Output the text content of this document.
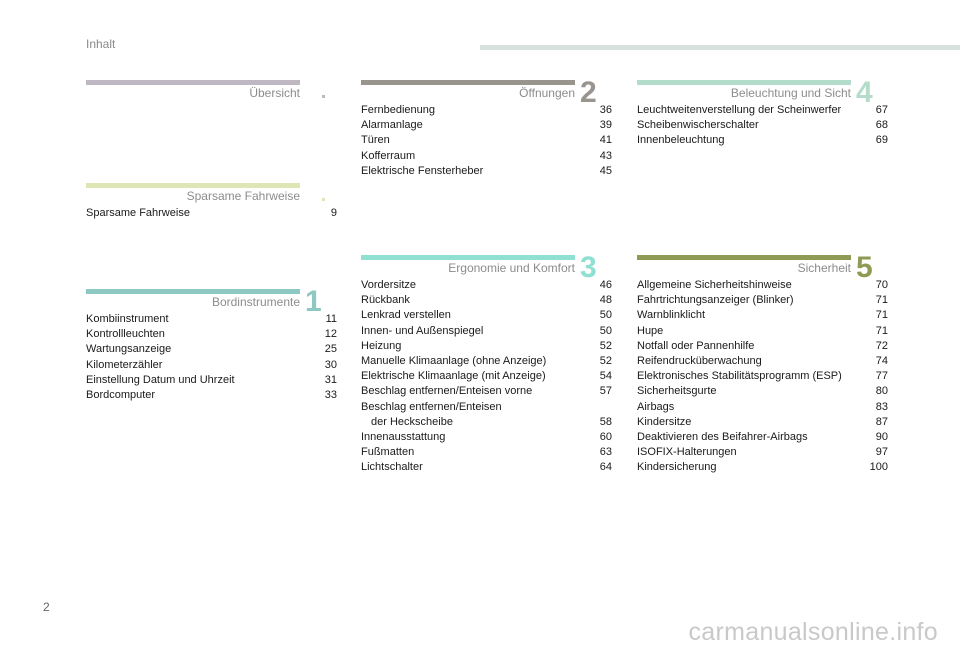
Inhalt
Übersicht
Sparsame Fahrweise
Sparsame Fahrweise	9
Bordinstrumente 1
Kombiinstrument	11
Kontrollleuchten	12
Wartungsanzeige	25
Kilometerzähler	30
Einstellung Datum und Uhrzeit	31
Bordcomputer	33
Öffnungen 2
Fernbedienung	36
Alarmanlage	39
Türen	41
Kofferraum	43
Elektrische Fensterheber	45
Ergonomie und Komfort 3
Vordersitze	46
Rückbank	48
Lenkrad verstellen	50
Innen- und Außenspiegel	50
Heizung	52
Manuelle Klimaanlage (ohne Anzeige)	52
Elektrische Klimaanlage (mit Anzeige)	54
Beschlag entfernen/Enteisen vorne	57
Beschlag entfernen/Enteisen
der Heckscheibe	58
Innenausstattung	60
Fußmatten	63
Lichtschalter	64
Beleuchtung und Sicht 4
Leuchtweitenverstellung der Scheinwerfer	67
Scheibenwischerschalter	68
Innenbeleuchtung	69
Sicherheit 5
Allgemeine Sicherheitshinweise	70
Fahrtrichtungsanzeiger (Blinker)	71
Warnblinklicht	71
Hupe	71
Notfall oder Pannenhilfe	72
Reifendrucküberwachung	74
Elektronisches Stabilitätsprogramm (ESP)	77
Sicherheitsgurte	80
Airbags	83
Kindersitze	87
Deaktivieren des Beifahrer-Airbags	90
ISOFIX-Halterungen	97
Kindersicherung	100
2
carmanualsonline.info
